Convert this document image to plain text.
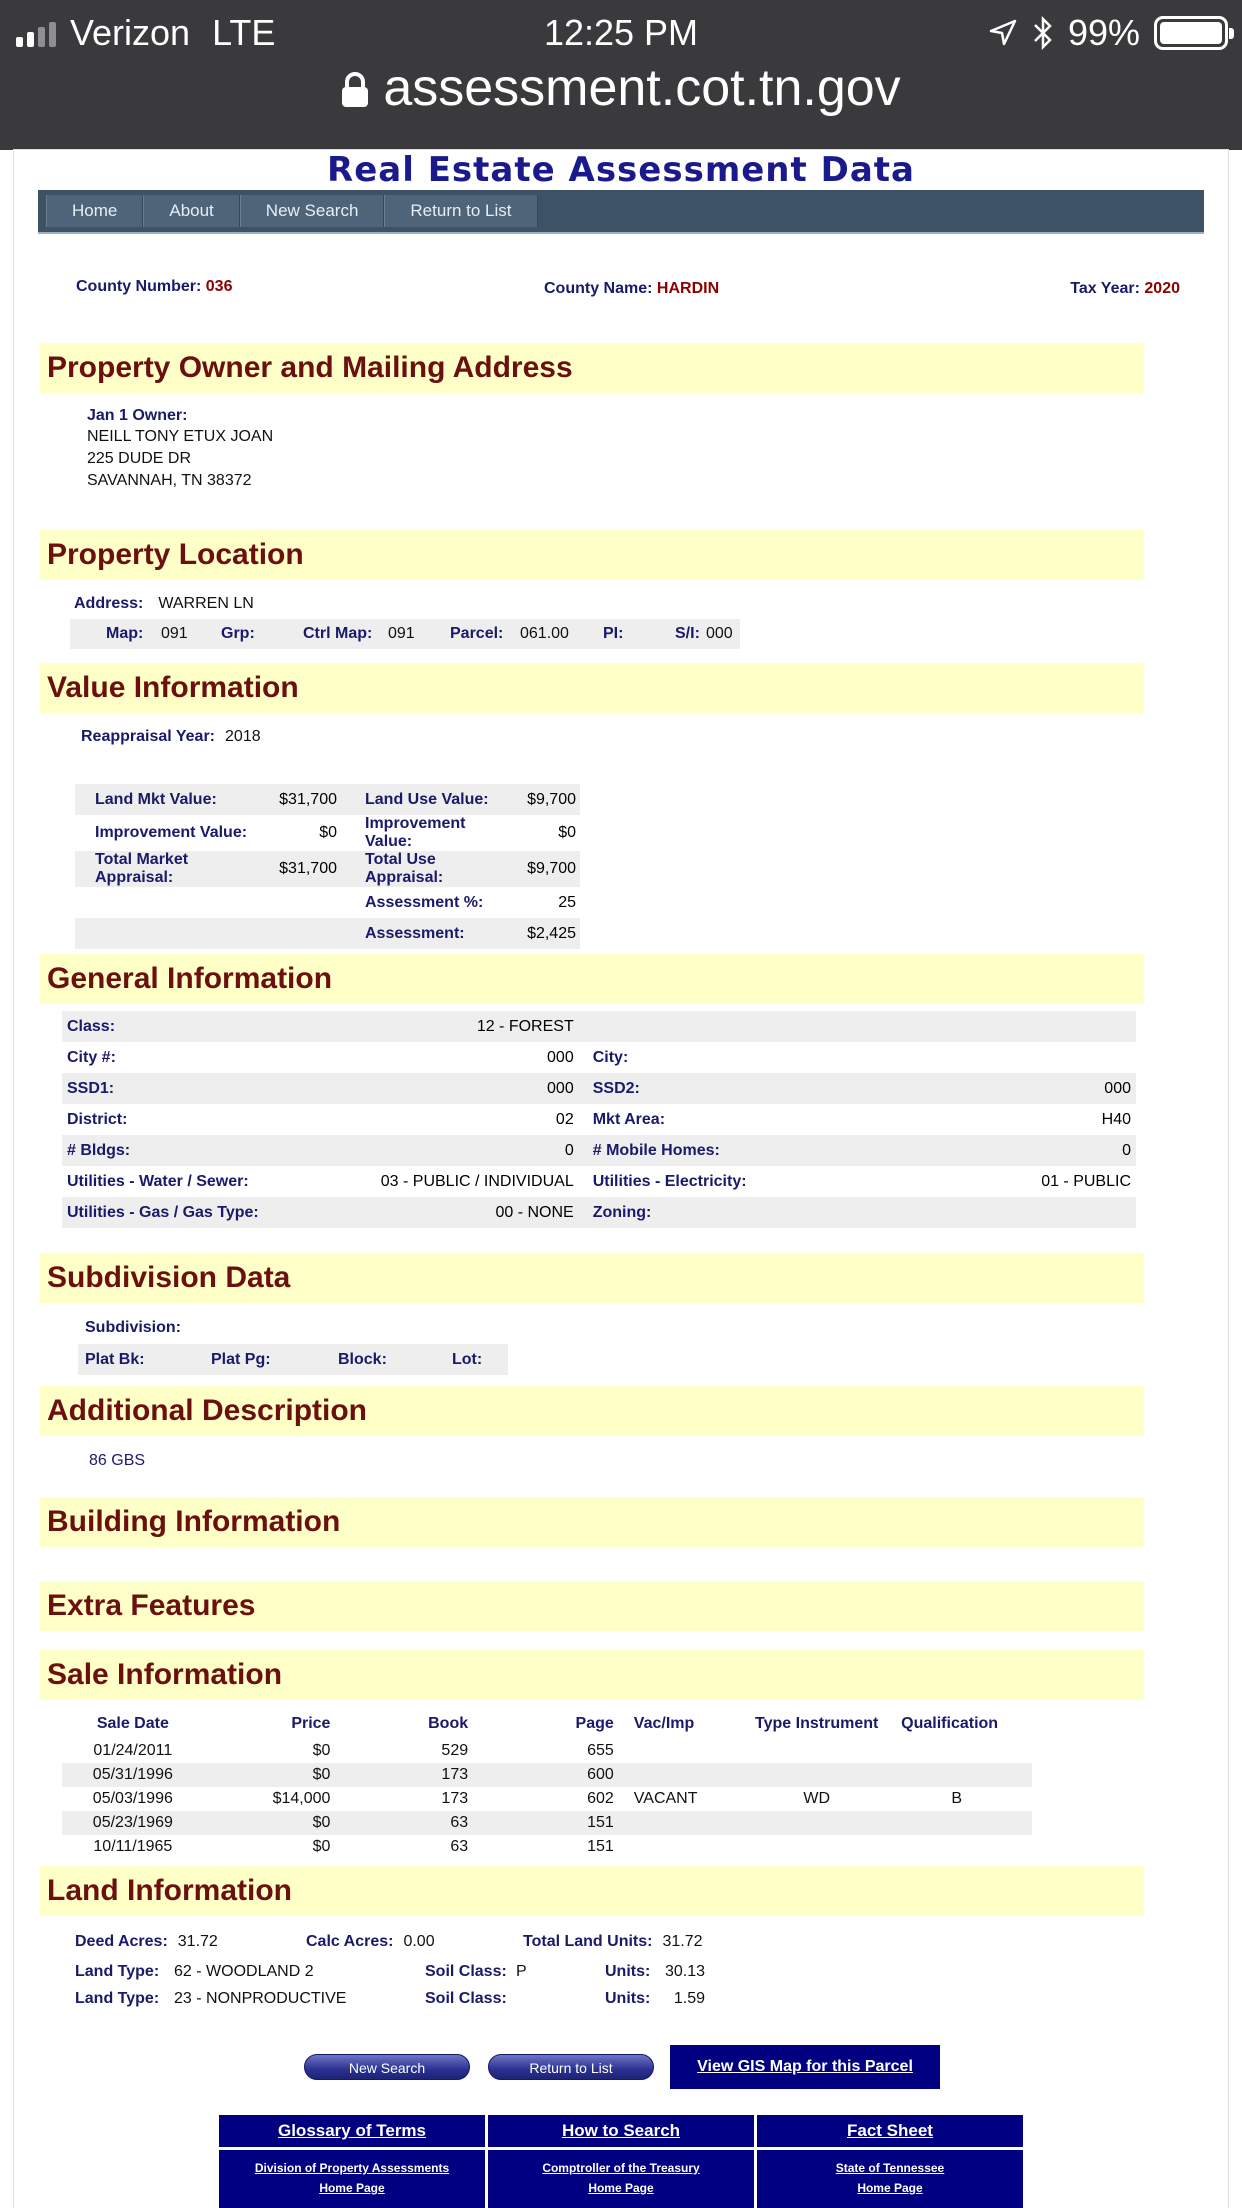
Verizon LTE	12:25 PM	99%
assessment.cot.tn.gov
Real Estate Assessment Data
Home	About	New Search	Return to List
County Number: 036	County Name: HARDIN	Tax Year: 2020
Property Owner and Mailing Address
Jan 1 Owner:
NEILL TONY ETUX JOAN
225 DUDE DR
SAVANNAH, TN 38372
Property Location
Address: WARREN LN
Map: 091 Grp:	Ctrl Map: 091 Parcel: 061.00 PI:	S/I: 000
Value Information
Reappraisal Year: 2018
Land Mkt Value:	$31,700	Land Use Value:	$9,700
Improvement Value:	$0	Improvement Value:	$0
Total Market Appraisal:	$31,700	Total Use Appraisal:	$9,700
		Assessment %:	25
		Assessment:	$2,425
General Information
Class:	12 - FOREST		
City #:	000	City:	
SSD1:	000	SSD2:	000
District:	02	Mkt Area:	H40
# Bldgs:	0	# Mobile Homes:	0
Utilities - Water / Sewer:	03 - PUBLIC / INDIVIDUAL	Utilities - Electricity:	01 - PUBLIC
Utilities - Gas / Gas Type:	00 - NONE	Zoning:	
Subdivision Data
Subdivision:
Plat Bk:	Plat Pg:	Block:	Lot:
Additional Description
86 GBS
Building Information
Extra Features
Sale Information
Sale Date	Price	Book	Page	Vac/Imp	Type Instrument	Qualification
01/24/2011	$0	529	655			
05/31/1996	$0	173	600			
05/03/1996	$14,000	173	602	VACANT	WD	B
05/23/1969	$0	63	151			
10/11/1965	$0	63	151			
Land Information
Deed Acres: 31.72	Calc Acres: 0.00	Total Land Units: 31.72
Land Type: 62 - WOODLAND 2	Soil Class: P	Units: 30.13
Land Type: 23 - NONPRODUCTIVE	Soil Class:	Units:	1.59
New Search	Return to List	View GIS Map for this Parcel
Glossary of Terms	How to Search	Fact Sheet
Division of Property Assessments
Home Page
Comptroller of the Treasury
Home Page
State of Tennessee
Home Page
